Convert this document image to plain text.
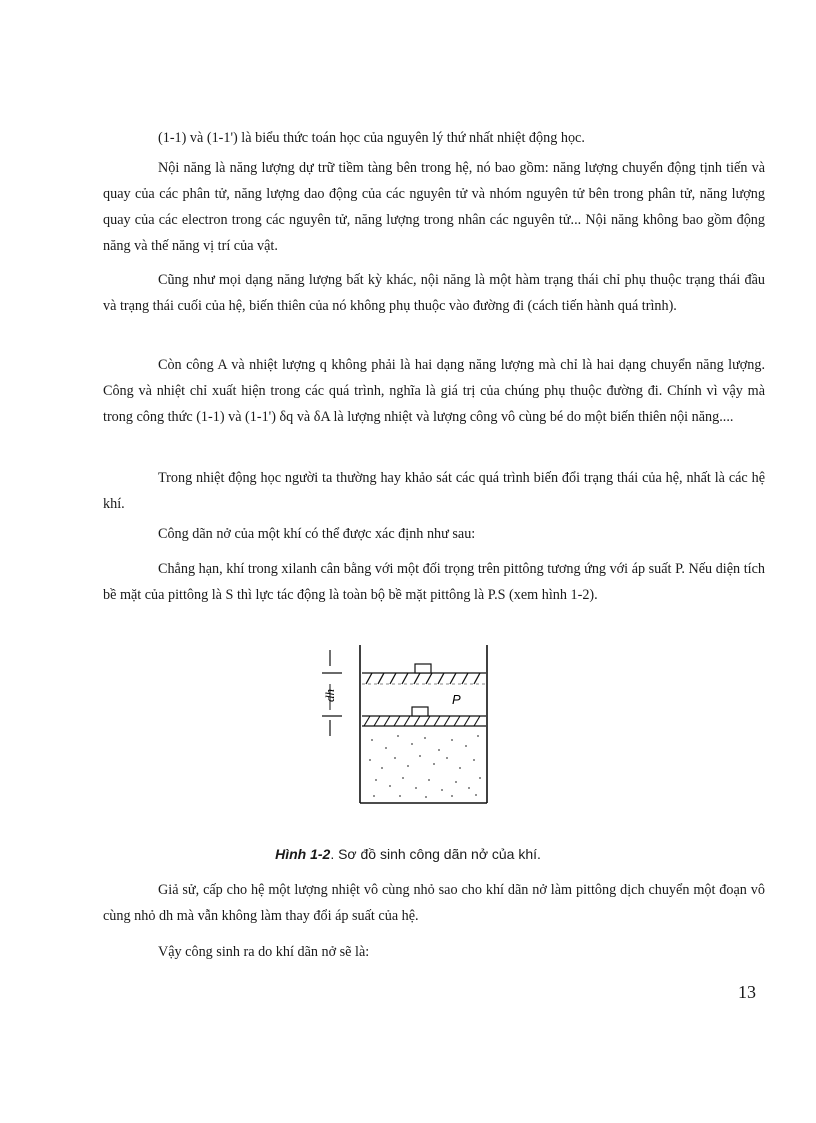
(1-1) và (1-1') là biểu thức toán học của nguyên lý thứ nhất nhiệt động học.

Nội năng là năng lượng dự trữ tiềm tàng bên trong hệ, nó bao gồm: năng lượng chuyển động tịnh tiến và quay của các phân tử, năng lượng dao động của các nguyên tử và nhóm nguyên tử bên trong phân tử, năng lượng quay của các electron trong các nguyên tử, năng lượng trong nhân các nguyên tử... Nội năng không bao gồm động năng và thế năng vị trí của vật.

Cũng như mọi dạng năng lượng bất kỳ khác, nội năng là một hàm trạng thái chỉ phụ thuộc trạng thái đầu và trạng thái cuối của hệ, biến thiên của nó không phụ thuộc vào đường đi (cách tiến hành quá trình).

Còn công A và nhiệt lượng q không phải là hai dạng năng lượng mà chỉ là hai dạng chuyển năng lượng. Công và nhiệt chỉ xuất hiện trong các quá trình, nghĩa là giá trị của chúng phụ thuộc đường đi. Chính vì vậy mà trong công thức (1-1) và (1-1') δq và δA là lượng nhiệt và lượng công vô cùng bé do một biến thiên nội năng....

Trong nhiệt động học người ta thường hay khảo sát các quá trình biến đổi trạng thái của hệ, nhất là các hệ khí.

Công dãn nở của một khí có thể được xác định như sau:

Chẳng hạn, khí trong xilanh cân bằng với một đối trọng trên pittông tương ứng với áp suất P. Nếu diện tích bề mặt của pittông là S thì lực tác động là toàn bộ bề mặt pittông là P.S (xem hình 1-2).

dh	P
Hình 1-2. Sơ đồ sinh công dãn nở của khí.

Giả sử, cấp cho hệ một lượng nhiệt vô cùng nhỏ sao cho khí dãn nở làm pittông dịch chuyển một đoạn vô cùng nhỏ dh mà vẫn không làm thay đổi áp suất của hệ.

Vậy công sinh ra do khí dãn nở sẽ là:

13
